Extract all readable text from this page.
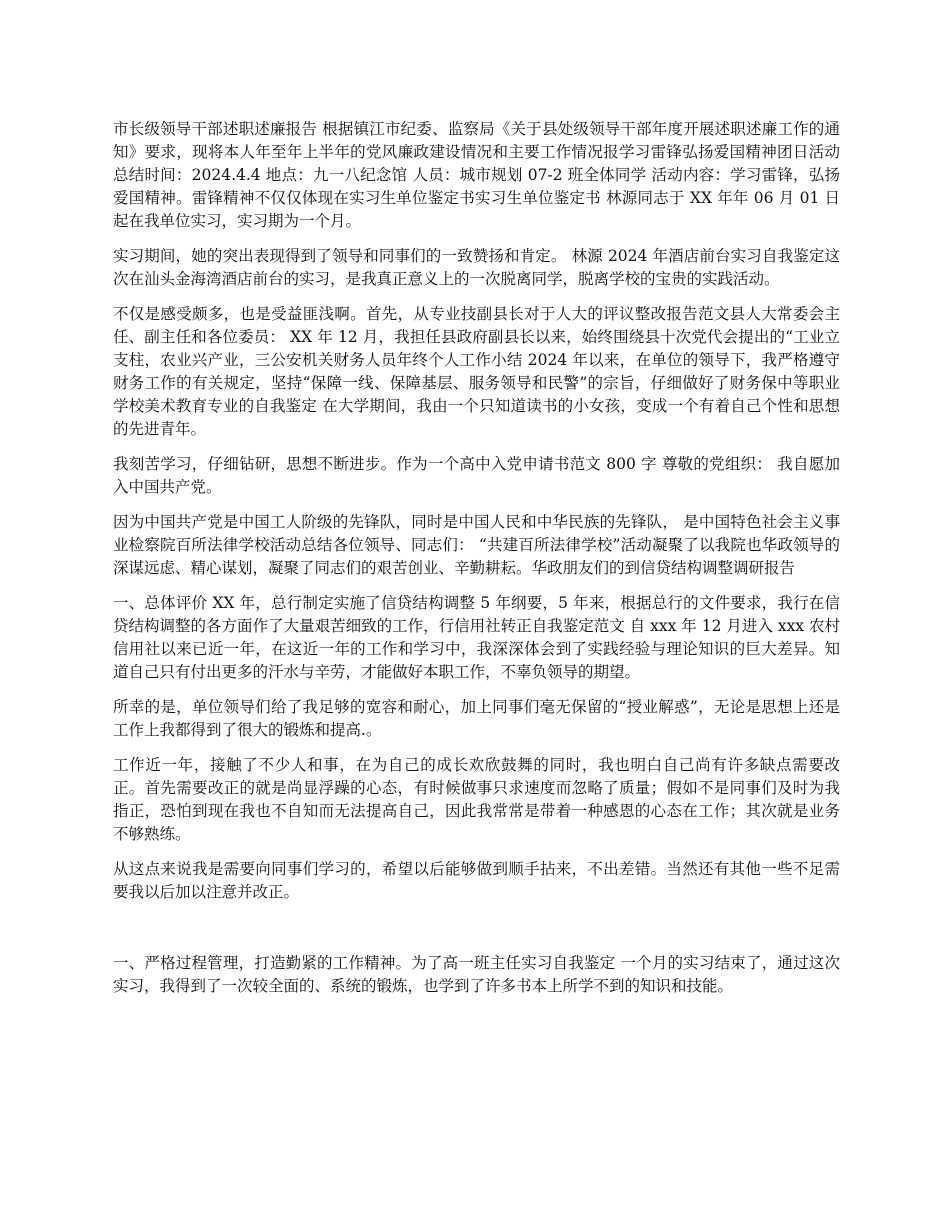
市长级领导干部述职述廉报告 根据镇江市纪委、监察局《关于县处级领导干部年度开展述职述廉工作的通知》要求，现将本人年至年上半年的党风廉政建设情况和主要工作情况报学习雷锋弘扬爱国精神团日活动总结时间：2024.4.4 地点：九一八纪念馆 人员：城市规划 07-2 班全体同学 活动内容：学习雷锋，弘扬爱国精神。雷锋精神不仅仅体现在实习生单位鉴定书实习生单位鉴定书 林源同志于 XX 年年 06 月 01 日起在我单位实习，实习期为一个月。

实习期间，她的突出表现得到了领导和同事们的一致赞扬和肯定。 林源 2024 年酒店前台实习自我鉴定这次在汕头金海湾酒店前台的实习，是我真正意义上的一次脱离同学，脱离学校的宝贵的实践活动。

不仅是感受颇多，也是受益匪浅啊。首先，从专业技副县长对于人大的评议整改报告范文县人大常委会主任、副主任和各位委员： XX 年 12 月，我担任县政府副县长以来，始终围绕县十次党代会提出的“工业立支柱，农业兴产业，三公安机关财务人员年终个人工作小结 2024 年以来，在单位的领导下，我严格遵守财务工作的有关规定，坚持“保障一线、保障基层、服务领导和民警”的宗旨，仔细做好了财务保中等职业学校美术教育专业的自我鉴定 在大学期间，我由一个只知道读书的小女孩，变成一个有着自己个性和思想的先进青年。

我刻苦学习，仔细钻研，思想不断进步。作为一个高中入党申请书范文 800 字 尊敬的党组织： 我自愿加入中国共产党。

因为中国共产党是中国工人阶级的先锋队，同时是中国人民和中华民族的先锋队， 是中国特色社会主义事业检察院百所法律学校活动总结各位领导、同志们： “共建百所法律学校”活动凝聚了以我院也华政领导的深谋远虑、精心谋划，凝聚了同志们的艰苦创业、辛勤耕耘。华政朋友们的到信贷结构调整调研报告

一、总体评价 XX 年，总行制定实施了信贷结构调整 5 年纲要，5 年来，根据总行的文件要求，我行在信贷结构调整的各方面作了大量艰苦细致的工作，行信用社转正自我鉴定范文 自 xxx 年 12 月进入 xxx 农村信用社以来已近一年，在这近一年的工作和学习中，我深深体会到了实践经验与理论知识的巨大差异。知道自己只有付出更多的汗水与辛劳，才能做好本职工作，不辜负领导的期望。

所幸的是，单位领导们给了我足够的宽容和耐心，加上同事们毫无保留的“授业解惑”，无论是思想上还是工作上我都得到了很大的锻炼和提高.。

工作近一年，接触了不少人和事，在为自己的成长欢欣鼓舞的同时，我也明白自己尚有许多缺点需要改正。首先需要改正的就是尚显浮躁的心态，有时候做事只求速度而忽略了质量；假如不是同事们及时为我指正，恐怕到现在我也不自知而无法提高自己，因此我常常是带着一种感恩的心态在工作；其次就是业务不够熟练。

从这点来说我是需要向同事们学习的，希望以后能够做到顺手拈来，不出差错。当然还有其他一些不足需要我以后加以注意并改正。

一、严格过程管理，打造勤紧的工作精神。为了高一班主任实习自我鉴定 一个月的实习结束了，通过这次实习，我得到了一次较全面的、系统的锻炼，也学到了许多书本上所学不到的知识和技能。
